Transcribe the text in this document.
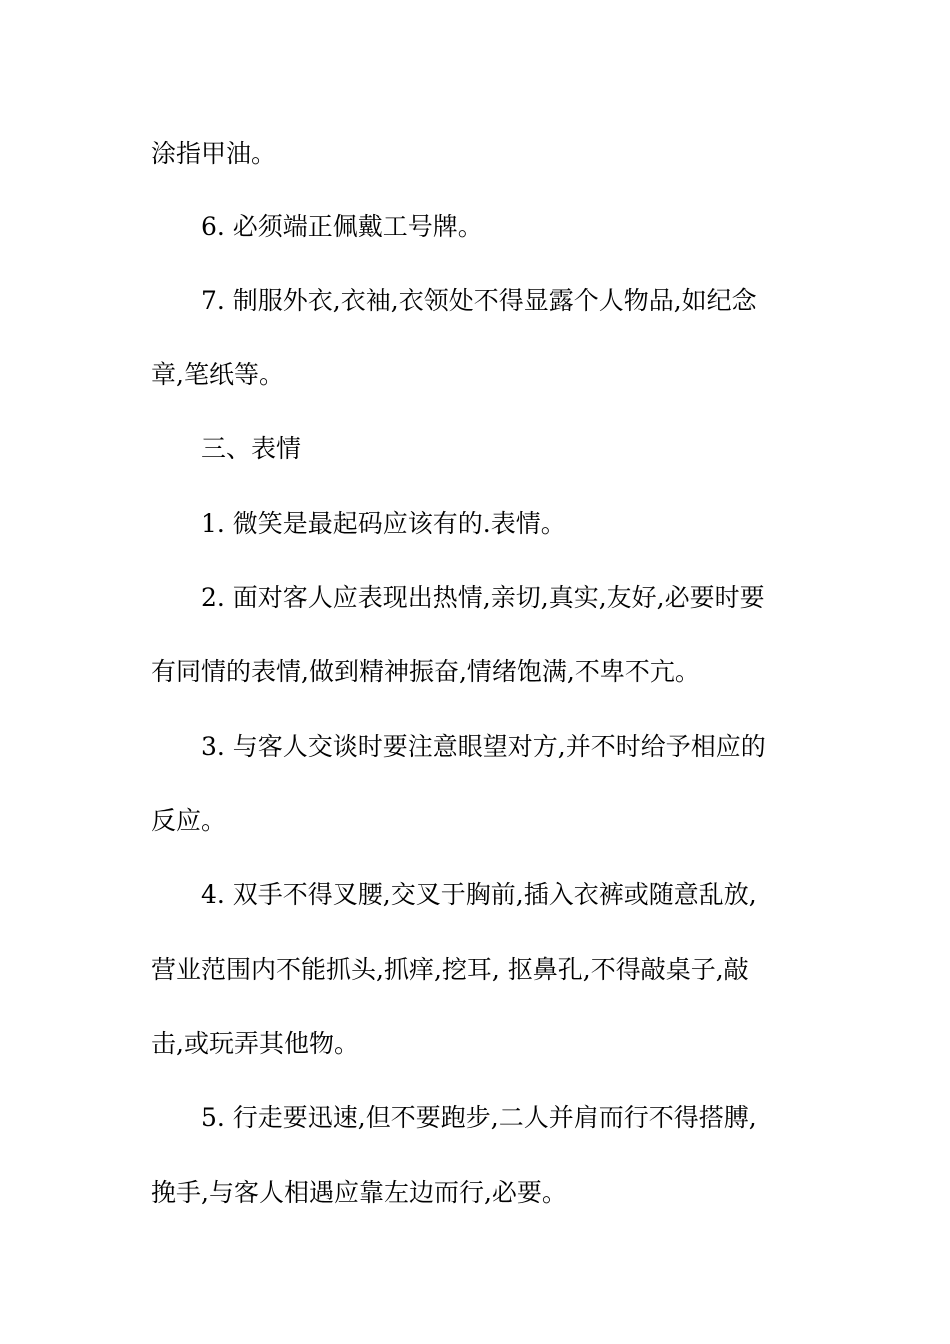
涂指甲油。
6. 必须端正佩戴工号牌。
7. 制服外衣,衣袖,衣领处不得显露个人物品,如纪念
章,笔纸等。
三、表情
1. 微笑是最起码应该有的.表情。
2. 面对客人应表现出热情,亲切,真实,友好,必要时要
有同情的表情,做到精神振奋,情绪饱满,不卑不亢。
3. 与客人交谈时要注意眼望对方,并不时给予相应的
反应。
4. 双手不得叉腰,交叉于胸前,插入衣裤或随意乱放,
营业范围内不能抓头,抓痒,挖耳, 抠鼻孔,不得敲桌子,敲
击,或玩弄其他物。
5. 行走要迅速,但不要跑步,二人并肩而行不得搭膊,
挽手,与客人相遇应靠左边而行,必要。
